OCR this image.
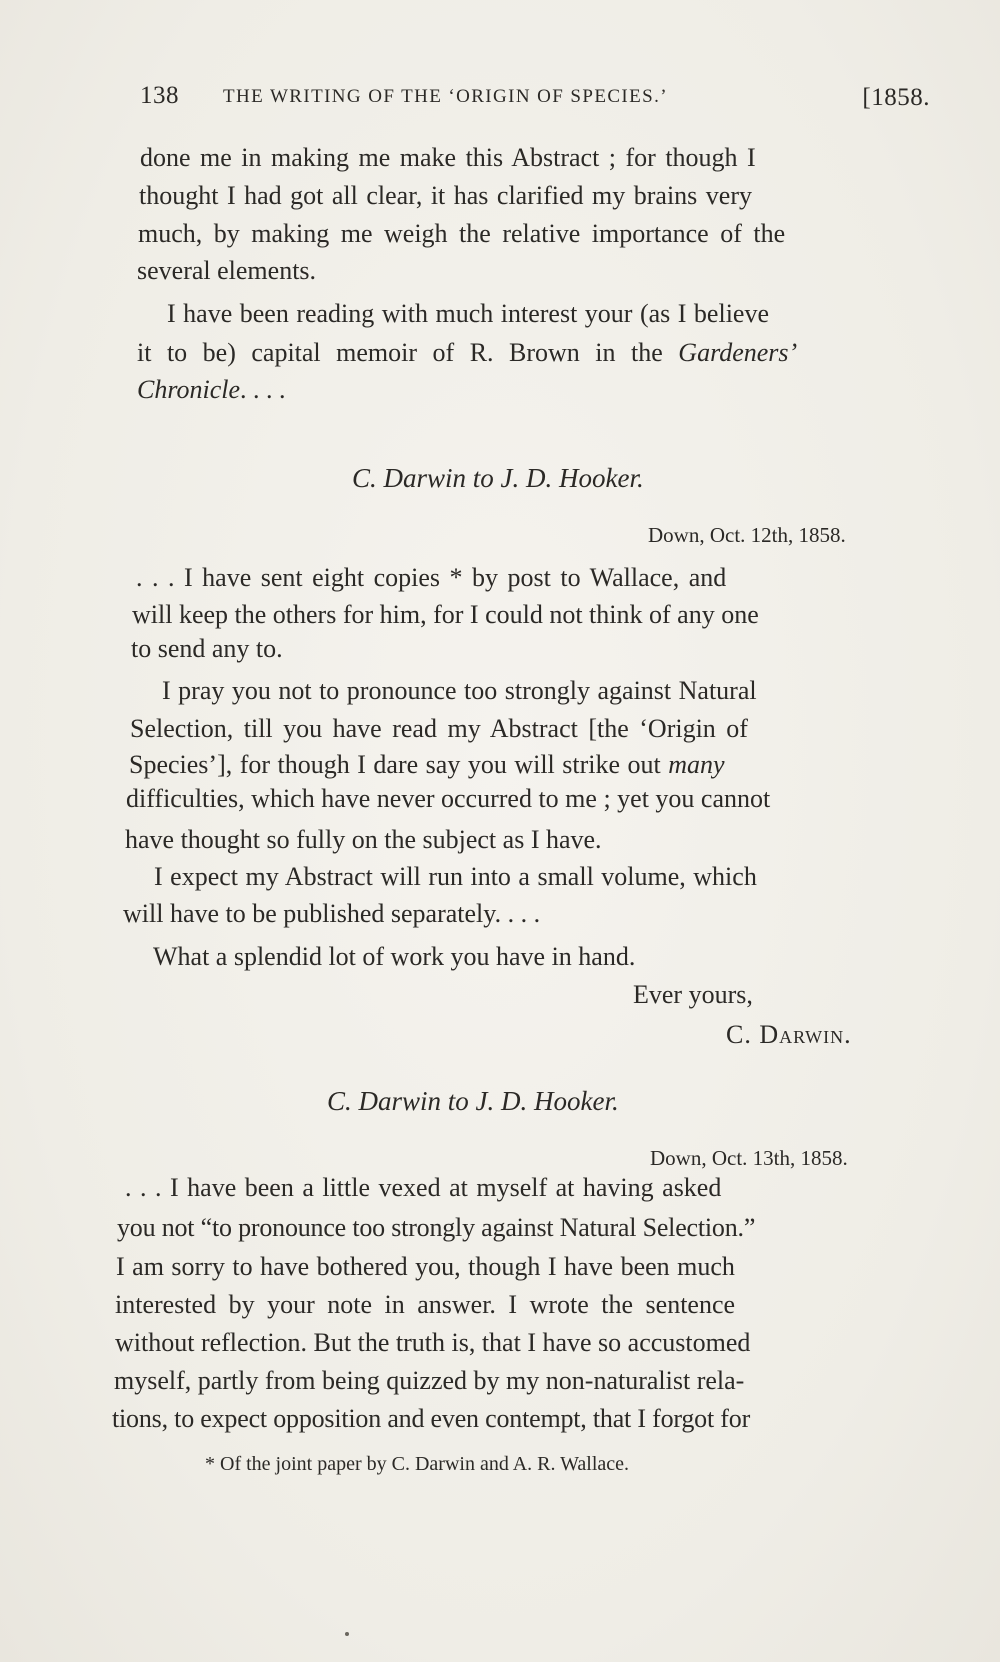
138 THE WRITING OF THE ‘ORIGIN OF SPECIES.’	[1858.
done me in making me make this Abstract ; for though I
thought I had got all clear, it has clarified my brains very
much, by making me weigh the relative importance of the
several elements.
I have been reading with much interest your (as I believe
it to be) capital memoir of R. Brown in the Gardeners’
Chronicle. . . .
C. Darwin to J. D. Hooker.
Down, Oct. 12th, 1858.
. . . I have sent eight copies * by post to Wallace, and
will keep the others for him, for I could not think of any one
to send any to.
I pray you not to pronounce too strongly against Natural
Selection, till you have read my Abstract [the ‘Origin of
Species’], for though I dare say you will strike out many
difficulties, which have never occurred to me ; yet you cannot
have thought so fully on the subject as I have.
I expect my Abstract will run into a small volume, which
will have to be published separately. . . .
What a splendid lot of work you have in hand.
Ever yours,
C. Darwin.
C. Darwin to J. D. Hooker.
Down, Oct. 13th, 1858.
. . . I have been a little vexed at myself at having asked
you not “to pronounce too strongly against Natural Selection.”
I am sorry to have bothered you, though I have been much
interested by your note in answer. I wrote the sentence
without reflection. But the truth is, that I have so accustomed
myself, partly from being quizzed by my non-naturalist rela-
tions, to expect opposition and even contempt, that I forgot for
* Of the joint paper by C. Darwin and A. R. Wallace.
